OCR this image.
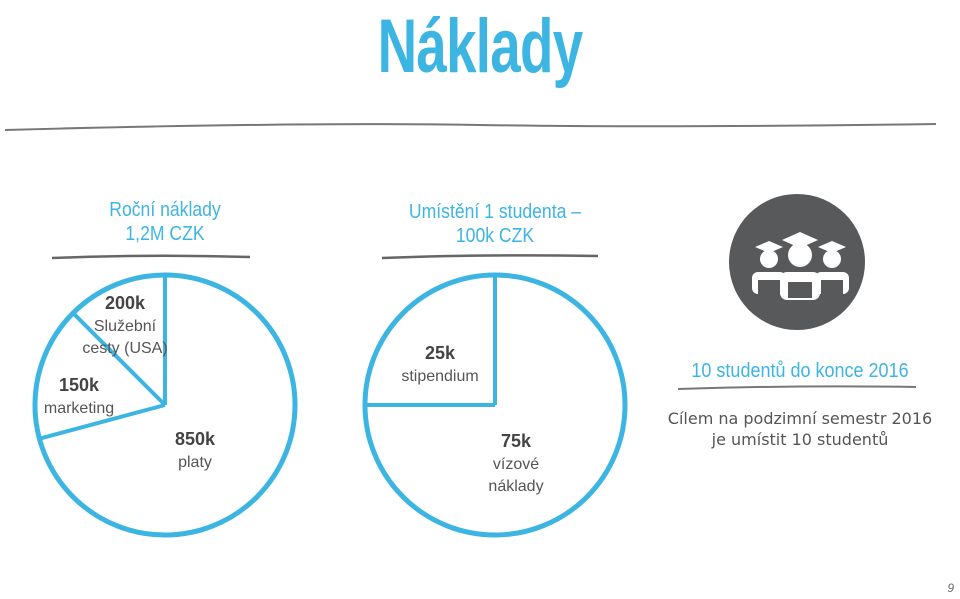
Náklady
Roční náklady
1,2M CZK
Umístění 1 studenta –
100k CZK
200k
Služební
cesty (USA)
150k
marketing
850k
platy
25k
stipendium
75k
vízové
náklady
10 studentů do konce 2016
Cílem na podzimní semestr 2016
je umístit 10 studentů
9
